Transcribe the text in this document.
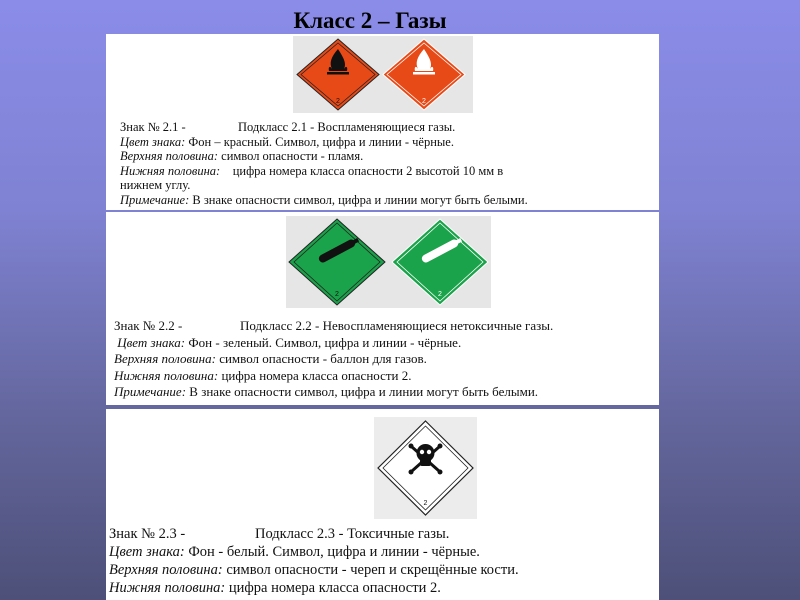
Класс 2 – Газы
2	2
Знак № 2.1 -	Подкласс 2.1 - Воспламеняющиеся газы.
Цвет знака: Фон – красный. Символ, цифра и линии - чёрные.
Верхняя половина: символ опасности - пламя.
Нижняя половина: цифра номера класса опасности 2 высотой 10 мм в
нижнем углу.
Примечание: В знаке опасности символ, цифра и линии могут быть белыми.
2	2
Знак № 2.2 -	Подкласс 2.2 - Невоспламеняющиеся нетоксичные газы.
Цвет знака: Фон - зеленый. Символ, цифра и линии - чёрные.
Верхняя половина: символ опасности - баллон для газов.
Нижняя половина: цифра номера класса опасности 2.
Примечание: В знаке опасности символ, цифра и линии могут быть белыми.
2
Знак № 2.3 -	Подкласс 2.3 - Токсичные газы.
Цвет знака: Фон - белый. Символ, цифра и линии - чёрные.
Верхняя половина: символ опасности - череп и скрещённые кости.
Нижняя половина: цифра номера класса опасности 2.
